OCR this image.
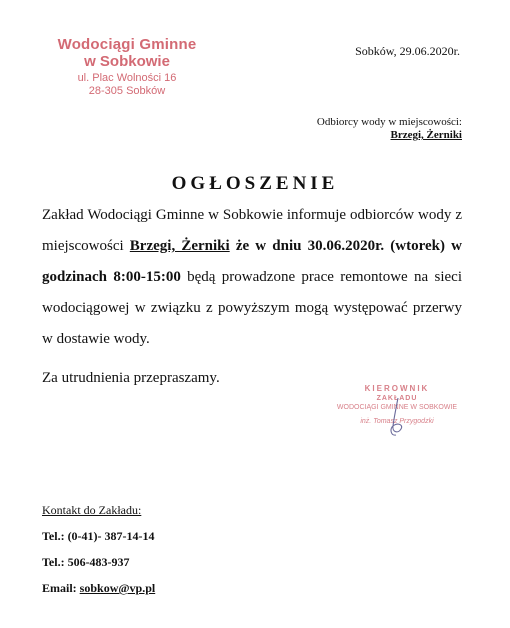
Wodociągi Gminne
w Sobkowie
ul. Plac Wolności 16
28-305 Sobków
Sobków, 29.06.2020r.
Odbiorcy wody w miejscowości:
Brzegi, Żerniki
OGŁOSZENIE

Zakład Wodociągi Gminne w Sobkowie informuje odbiorców wody z miejscowości Brzegi, Żerniki że w dniu 30.06.2020r. (wtorek) w godzinach 8:00-15:00 będą prowadzone prace remontowe na sieci wodociągowej w związku z powyższym mogą występować przerwy w dostawie wody.

Za utrudnienia przepraszamy.

KIEROWNIK
ZAKŁADU
WODOCIĄGI GMINNE W SOBKOWIE
inż. Tomasz Przygodzki
Kontakt do Zakładu:
Tel.: (0-41)- 387-14-14
Tel.: 506-483-937
Email: sobkow@vp.pl
